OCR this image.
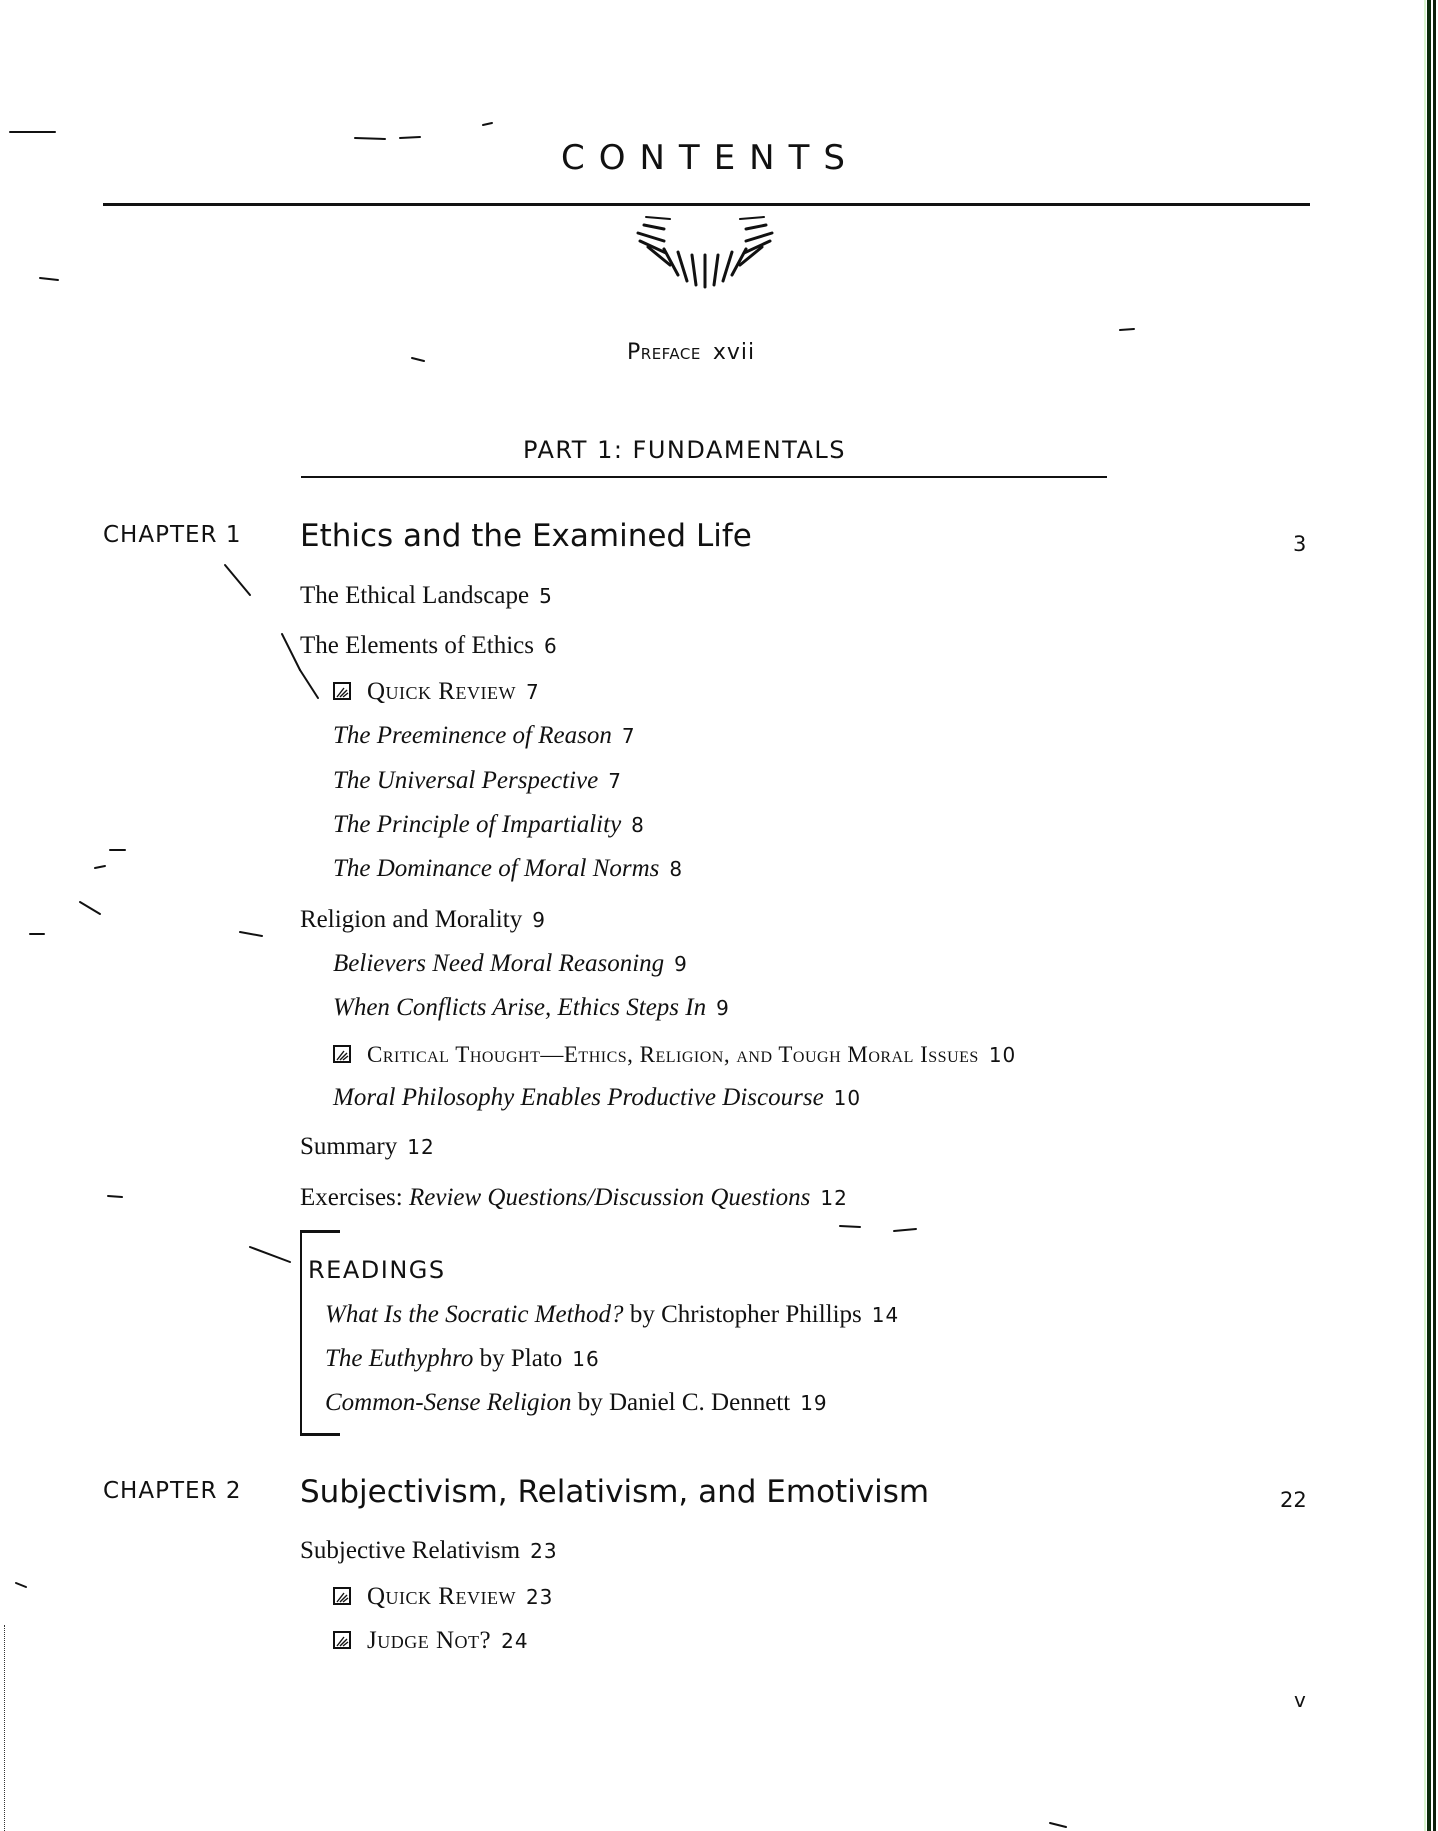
CONTENTS
Preface xvii
PART 1: FUNDAMENTALS
CHAPTER 1 Ethics and the Examined Life	3
The Ethical Landscape 5
The Elements of Ethics 6
Quick Review 7
The Preeminence of Reason 7
The Universal Perspective 7
The Principle of Impartiality 8
The Dominance of Moral Norms 8
Religion and Morality 9
Believers Need Moral Reasoning 9
When Conflicts Arise, Ethics Steps In 9
Critical Thought—Ethics, Religion, and Tough Moral Issues 10
Moral Philosophy Enables Productive Discourse 10
Summary 12
Exercises: Review Questions/Discussion Questions 12
READINGS
What Is the Socratic Method? by Christopher Phillips 14
The Euthyphro by Plato 16
Common-Sense Religion by Daniel C. Dennett 19
CHAPTER 2 Subjectivism, Relativism, and Emotivism	22
Subjective Relativism 23
Quick Review 23
Judge Not? 24
v
